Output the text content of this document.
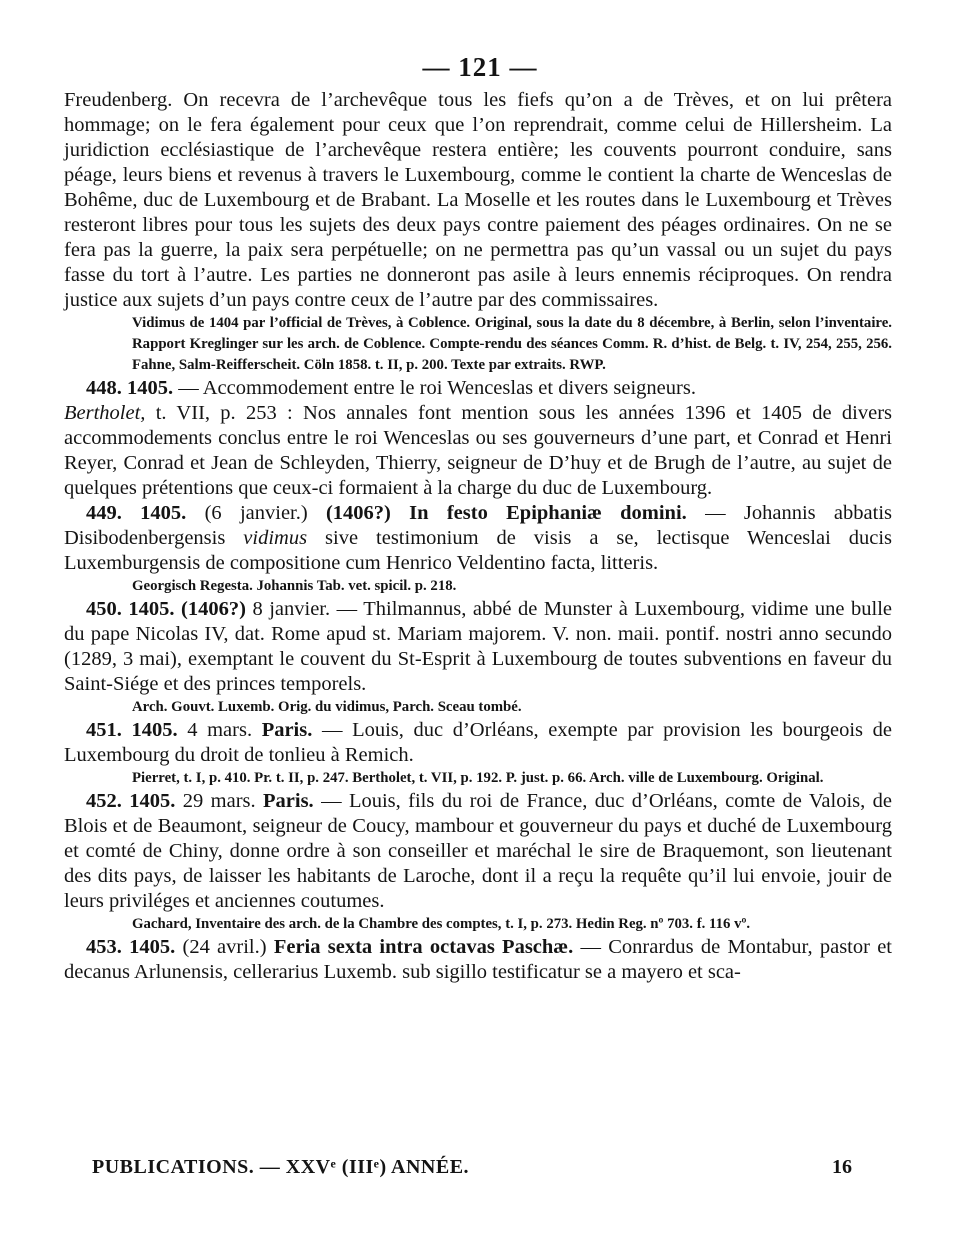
— 121 —

Freudenberg. On recevra de l’archevêque tous les fiefs qu’on a de Trèves, et on lui prêtera hommage; on le fera également pour ceux que l’on reprendrait, comme celui de Hillersheim. La juridiction ecclésiastique de l’archevêque restera entière; les couvents pourront conduire, sans péage, leurs biens et revenus à travers le Luxembourg, comme le contient la charte de Wenceslas de Bohême, duc de Luxembourg et de Brabant. La Moselle et les routes dans le Luxembourg et Trèves resteront libres pour tous les sujets des deux pays contre paiement des péages ordinaires. On ne se fera pas la guerre, la paix sera perpétuelle; on ne permettra pas qu’un vassal ou un sujet du pays fasse du tort à l’autre. Les parties ne donneront pas asile à leurs ennemis réciproques. On rendra justice aux sujets d’un pays contre ceux de l’autre par des commissaires.

Vidimus de 1404 par l’official de Trèves, à Coblence. Original, sous la date du 8 décembre, à Berlin, selon l’inventaire. Rapport Kreglinger sur les arch. de Coblence. Compte-rendu des séances Comm. R. d’hist. de Belg. t. IV, 254, 255, 256. Fahne, Salm-Reifferscheit. Cöln 1858. t. II, p. 200. Texte par extraits. RWP.

448. 1405. — Accommodement entre le roi Wenceslas et divers seigneurs.

Bertholet, t. VII, p. 253 : Nos annales font mention sous les années 1396 et 1405 de divers accommodements conclus entre le roi Wenceslas ou ses gouverneurs d’une part, et Conrad et Henri Reyer, Conrad et Jean de Schleyden, Thierry, seigneur de D’huy et de Brugh de l’autre, au sujet de quelques prétentions que ceux-ci formaient à la charge du duc de Luxembourg.

449. 1405. (6 janvier.) (1406?) In festo Epiphaniæ domini. — Johannis abbatis Disibodenbergensis vidimus sive testimonium de visis a se, lectisque Wenceslai ducis Luxemburgensis de compositione cum Henrico Veldentino facta, litteris.

Georgisch Regesta. Johannis Tab. vet. spicil. p. 218.

450. 1405. (1406?) 8 janvier. — Thilmannus, abbé de Munster à Luxembourg, vidime une bulle du pape Nicolas IV, dat. Rome apud st. Mariam majorem. V. non. maii. pontif. nostri anno secundo (1289, 3 mai), exemptant le couvent du St-Esprit à Luxembourg de toutes subventions en faveur du Saint-Siége et des princes temporels.

Arch. Gouvt. Luxemb. Orig. du vidimus, Parch. Sceau tombé.

451. 1405. 4 mars. Paris. — Louis, duc d’Orléans, exempte par provision les bourgeois de Luxembourg du droit de tonlieu à Remich.

Pierret, t. I, p. 410. Pr. t. II, p. 247. Bertholet, t. VII, p. 192. P. just. p. 66. Arch. ville de Luxembourg. Original.

452. 1405. 29 mars. Paris. — Louis, fils du roi de France, duc d’Orléans, comte de Valois, de Blois et de Beaumont, seigneur de Coucy, mambour et gouverneur du pays et duché de Luxembourg et comté de Chiny, donne ordre à son conseiller et maréchal le sire de Braquemont, son lieutenant des dits pays, de laisser les habitants de Laroche, dont il a reçu la requête qu’il lui envoie, jouir de leurs priviléges et anciennes coutumes.

Gachard, Inventaire des arch. de la Chambre des comptes, t. I, p. 273. Hedin Reg. nº 703. f. 116 vº.

453. 1405. (24 avril.) Feria sexta intra octavas Paschæ. — Conrardus de Montabur, pastor et decanus Arlunensis, cellerarius Luxemb. sub sigillo testificatur se a mayero et sca-

PUBLICATIONS. — XXVᵉ (IIIᵉ) ANNÉE.	16
